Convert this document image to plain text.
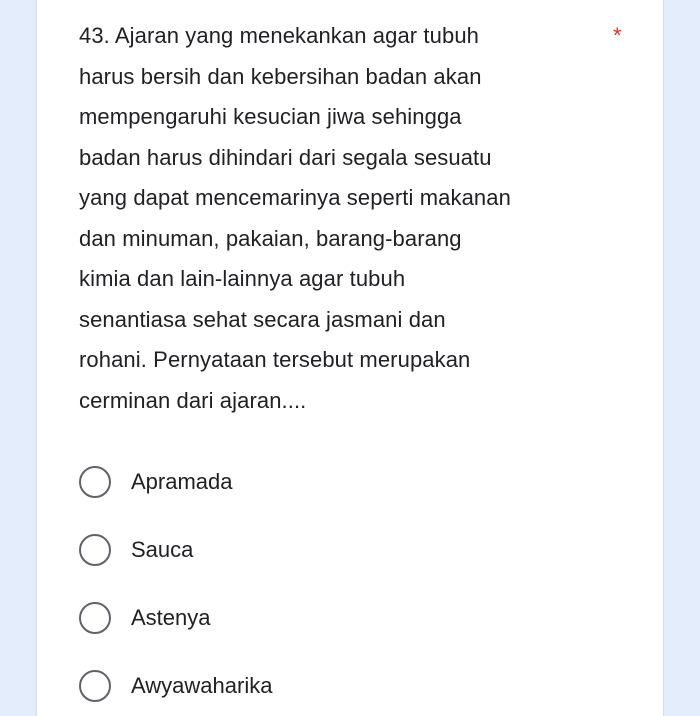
43. Ajaran yang menekankan agar tubuh
harus bersih dan kebersihan badan akan
mempengaruhi kesucian jiwa sehingga
badan harus dihindari dari segala sesuatu
yang dapat mencemarinya seperti makanan
dan minuman, pakaian, barang-barang
kimia dan lain-lainnya agar tubuh
senantiasa sehat secara jasmani dan
rohani. Pernyataan tersebut merupakan
cerminan dari ajaran....
*
Apramada
Sauca
Astenya
Awyawaharika
